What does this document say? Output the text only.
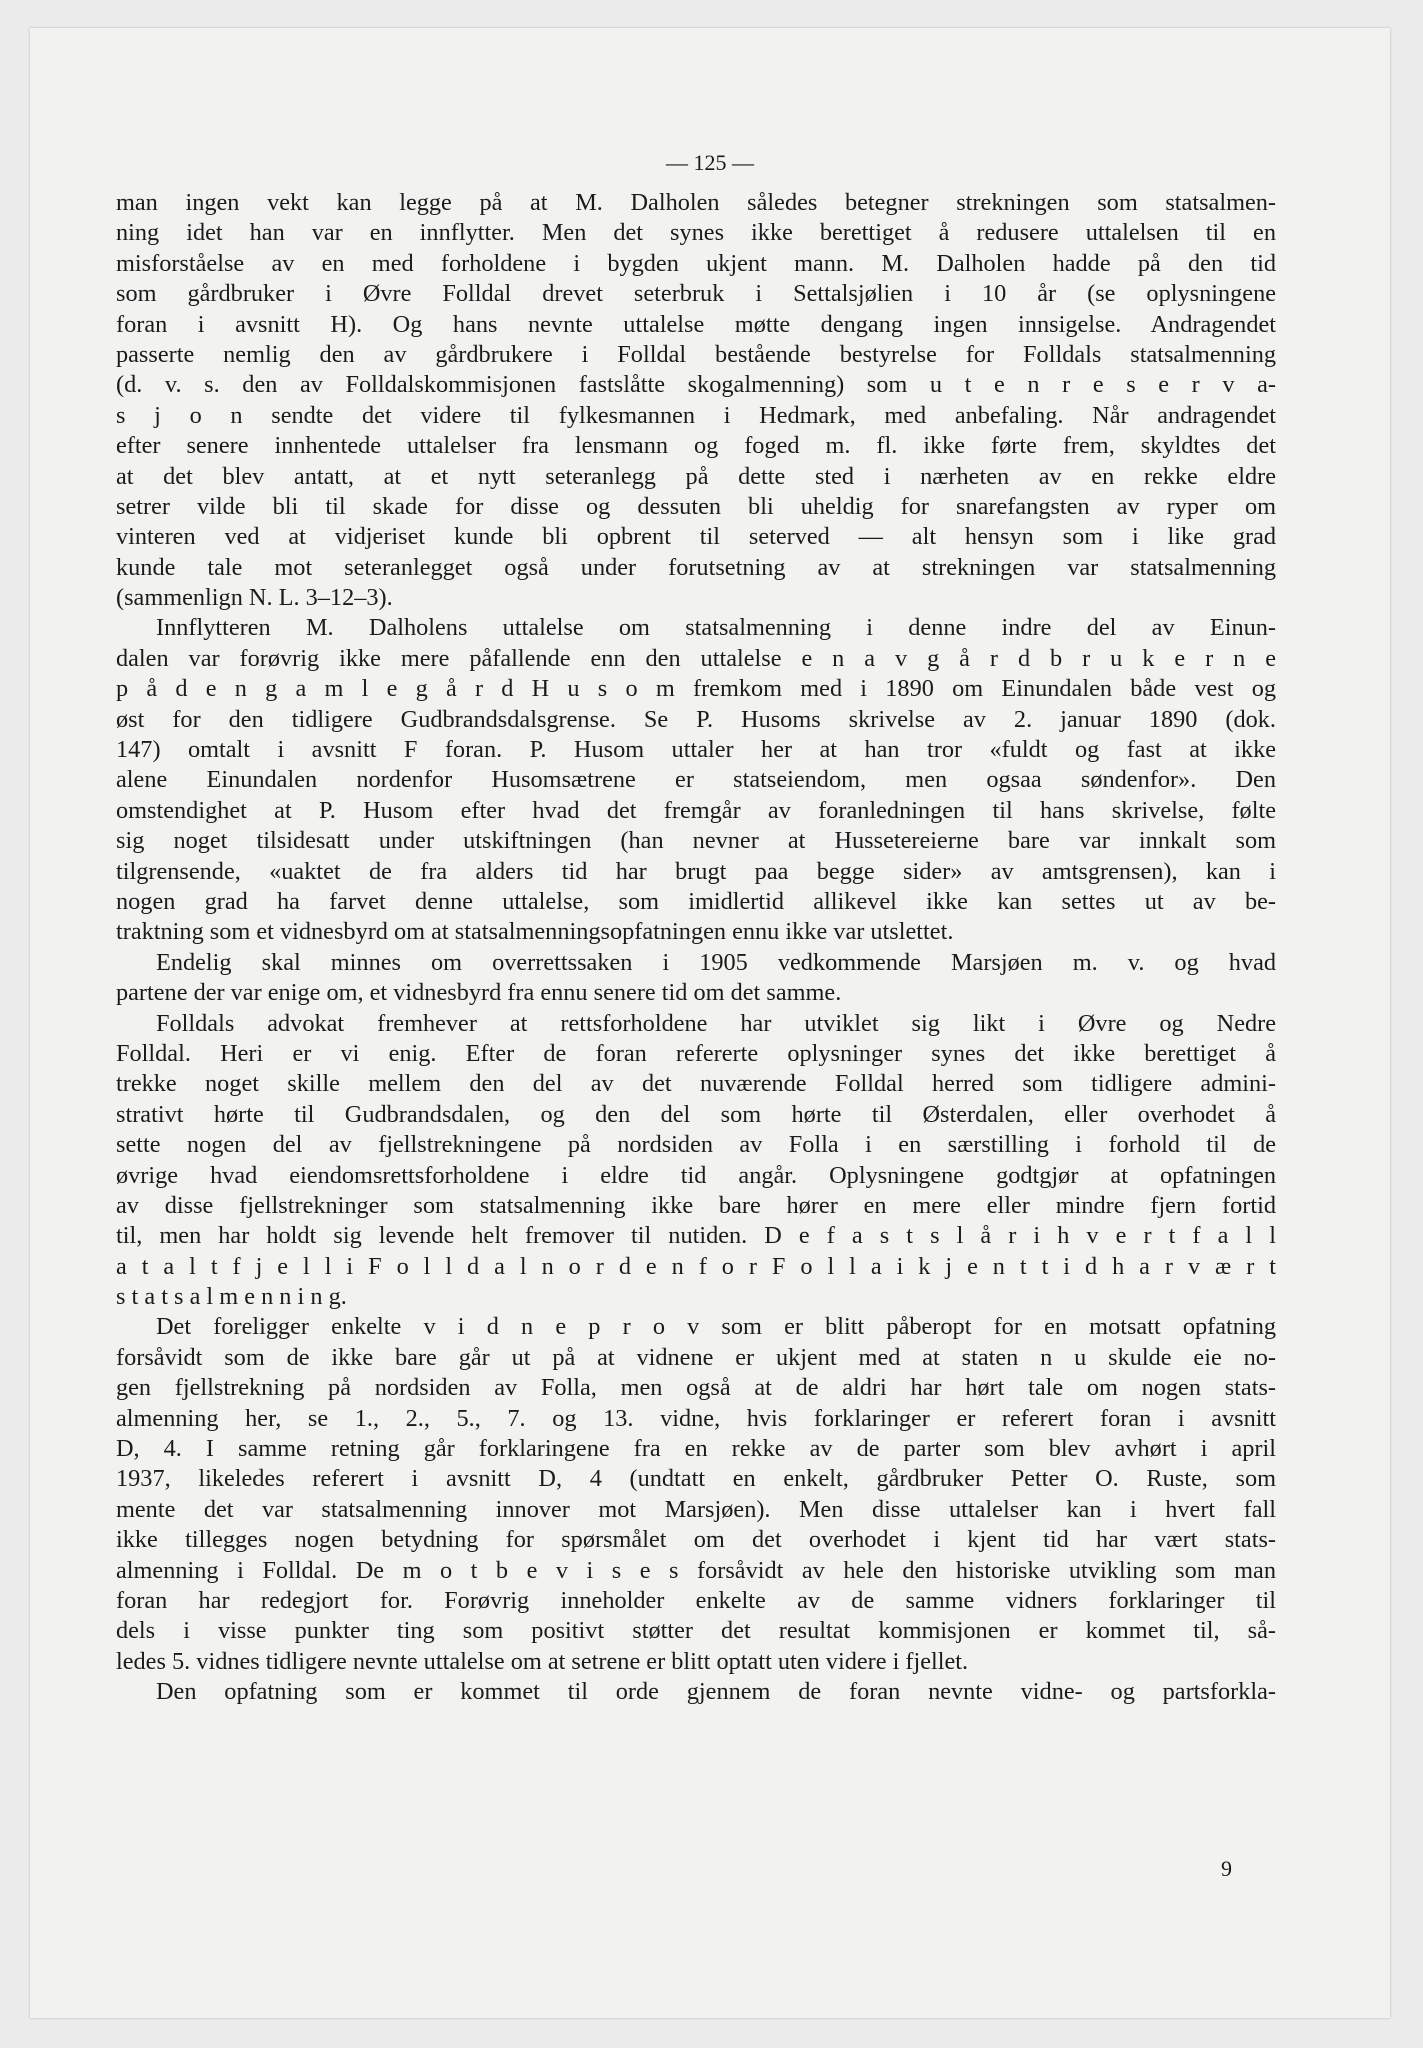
— 125 —
man ingen vekt kan legge på at M. Dalholen således betegner strekningen som statsalmen-
ning idet han var en innflytter. Men det synes ikke berettiget å redusere uttalelsen til en
misforståelse av en med forholdene i bygden ukjent mann. M. Dalholen hadde på den tid
som gårdbruker i Øvre Folldal drevet seterbruk i Settalsjølien i 10 år (se oplysningene
foran i avsnitt H). Og hans nevnte uttalelse møtte dengang ingen innsigelse. Andragendet
passerte nemlig den av gårdbrukere i Folldal bestående bestyrelse for Folldals statsalmenning
(d. v. s. den av Folldalskommisjonen fastslåtte skogalmenning) som u t e n r e s e r v a-
s j o n sendte det videre til fylkesmannen i Hedmark, med anbefaling. Når andragendet
efter senere innhentede uttalelser fra lensmann og foged m. fl. ikke førte frem, skyldtes det
at det blev antatt, at et nytt seteranlegg på dette sted i nærheten av en rekke eldre
setrer vilde bli til skade for disse og dessuten bli uheldig for snarefangsten av ryper om
vinteren ved at vidjeriset kunde bli opbrent til seterved — alt hensyn som i like grad
kunde tale mot seteranlegget også under forutsetning av at strekningen var statsalmenning
(sammenlign N. L. 3–12–3).
Innflytteren M. Dalholens uttalelse om statsalmenning i denne indre del av Einun-
dalen var forøvrig ikke mere påfallende enn den uttalelse e n a v g å r d b r u k e r n e
p å d e n g a m l e g å r d H u s o m fremkom med i 1890 om Einundalen både vest og
øst for den tidligere Gudbrandsdalsgrense. Se P. Husoms skrivelse av 2. januar 1890 (dok.
147) omtalt i avsnitt F foran. P. Husom uttaler her at han tror «fuldt og fast at ikke
alene Einundalen nordenfor Husomsætrene er statseiendom, men ogsaa søndenfor». Den
omstendighet at P. Husom efter hvad det fremgår av foranledningen til hans skrivelse, følte
sig noget tilsidesatt under utskiftningen (han nevner at Hussetereierne bare var innkalt som
tilgrensende, «uaktet de fra alders tid har brugt paa begge sider» av amtsgrensen), kan i
nogen grad ha farvet denne uttalelse, som imidlertid allikevel ikke kan settes ut av be-
traktning som et vidnesbyrd om at statsalmenningsopfatningen ennu ikke var utslettet.
Endelig skal minnes om overrettssaken i 1905 vedkommende Marsjøen m. v. og hvad
partene der var enige om, et vidnesbyrd fra ennu senere tid om det samme.
Folldals advokat fremhever at rettsforholdene har utviklet sig likt i Øvre og Nedre
Folldal. Heri er vi enig. Efter de foran refererte oplysninger synes det ikke berettiget å
trekke noget skille mellem den del av det nuværende Folldal herred som tidligere admini-
strativt hørte til Gudbrandsdalen, og den del som hørte til Østerdalen, eller overhodet å
sette nogen del av fjellstrekningene på nordsiden av Folla i en særstilling i forhold til de
øvrige hvad eiendomsrettsforholdene i eldre tid angår. Oplysningene godtgjør at opfatningen
av disse fjellstrekninger som statsalmenning ikke bare hører en mere eller mindre fjern fortid
til, men har holdt sig levende helt fremover til nutiden. D e f a s t s l å r i h v e r t f a l l
a t a l t f j e l l i F o l l d a l n o r d e n f o r F o l l a i k j e n t t i d h a r v æ r t
s t a t s a l m e n n i n g.
Det foreligger enkelte v i d n e p r o v som er blitt påberopt for en motsatt opfatning
forsåvidt som de ikke bare går ut på at vidnene er ukjent med at staten n u skulde eie no-
gen fjellstrekning på nordsiden av Folla, men også at de aldri har hørt tale om nogen stats-
almenning her, se 1., 2., 5., 7. og 13. vidne, hvis forklaringer er referert foran i avsnitt
D, 4. I samme retning går forklaringene fra en rekke av de parter som blev avhørt i april
1937, likeledes referert i avsnitt D, 4 (undtatt en enkelt, gårdbruker Petter O. Ruste, som
mente det var statsalmenning innover mot Marsjøen). Men disse uttalelser kan i hvert fall
ikke tillegges nogen betydning for spørsmålet om det overhodet i kjent tid har vært stats-
almenning i Folldal. De m o t b e v i s e s forsåvidt av hele den historiske utvikling som man
foran har redegjort for. Forøvrig inneholder enkelte av de samme vidners forklaringer til
dels i visse punkter ting som positivt støtter det resultat kommisjonen er kommet til, så-
ledes 5. vidnes tidligere nevnte uttalelse om at setrene er blitt optatt uten videre i fjellet.
Den opfatning som er kommet til orde gjennem de foran nevnte vidne- og partsforkla-
9
